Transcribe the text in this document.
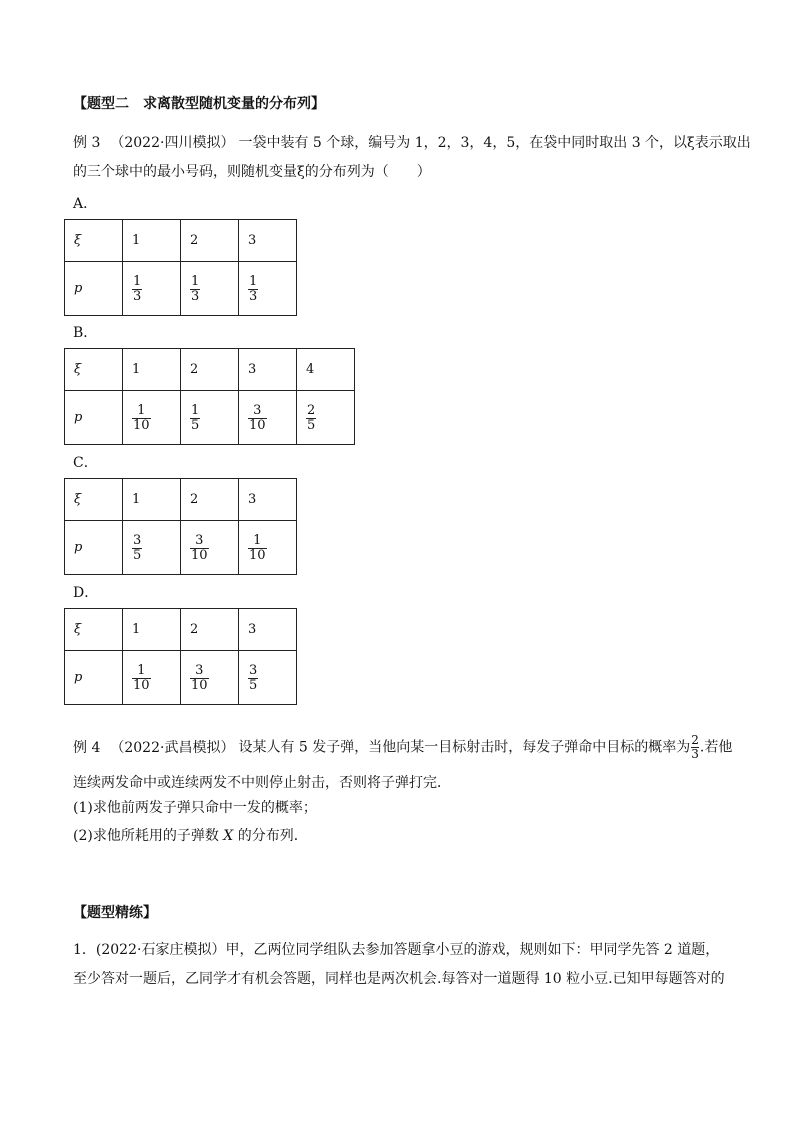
【题型二　求离散型随机变量的分布列】
例 3 （2022·四川模拟） 一袋中装有 5 个球，编号为 1，2，3，4，5，在袋中同时取出 3 个，以ξ表示取出
的三个球中的最小号码，则随机变量ξ的分布列为（　　）
A．
ξ	1	2	3
p	$\frac{1}{3}$	$\frac{1}{3}$	$\frac{1}{3}$
B．
ξ	1	2	3	4
p	$\frac{1}{10}$	$\frac{1}{5}$	$\frac{3}{10}$	$\frac{2}{5}$
C．
ξ	1	2	3
p	$\frac{3}{5}$	$\frac{3}{10}$	$\frac{1}{10}$
D．
ξ	1	2	3
p	$\frac{1}{10}$	$\frac{3}{10}$	$\frac{3}{5}$
例 4 （2022·武昌模拟） 设某人有 5 发子弹，当他向某一目标射击时，每发子弹命中目标的概率为 $\frac{2}{3}$ .若他
连续两发命中或连续两发不中则停止射击，否则将子弹打完．
(1)求他前两发子弹只命中一发的概率；
(2)求他所耗用的子弹数 X 的分布列．
【题型精练】
1．(2022·石家庄模拟）甲，乙两位同学组队去参加答题拿小豆的游戏，规则如下：甲同学先答 2 道题，
至少答对一题后，乙同学才有机会答题，同样也是两次机会.每答对一道题得 10 粒小豆.已知甲每题答对的
